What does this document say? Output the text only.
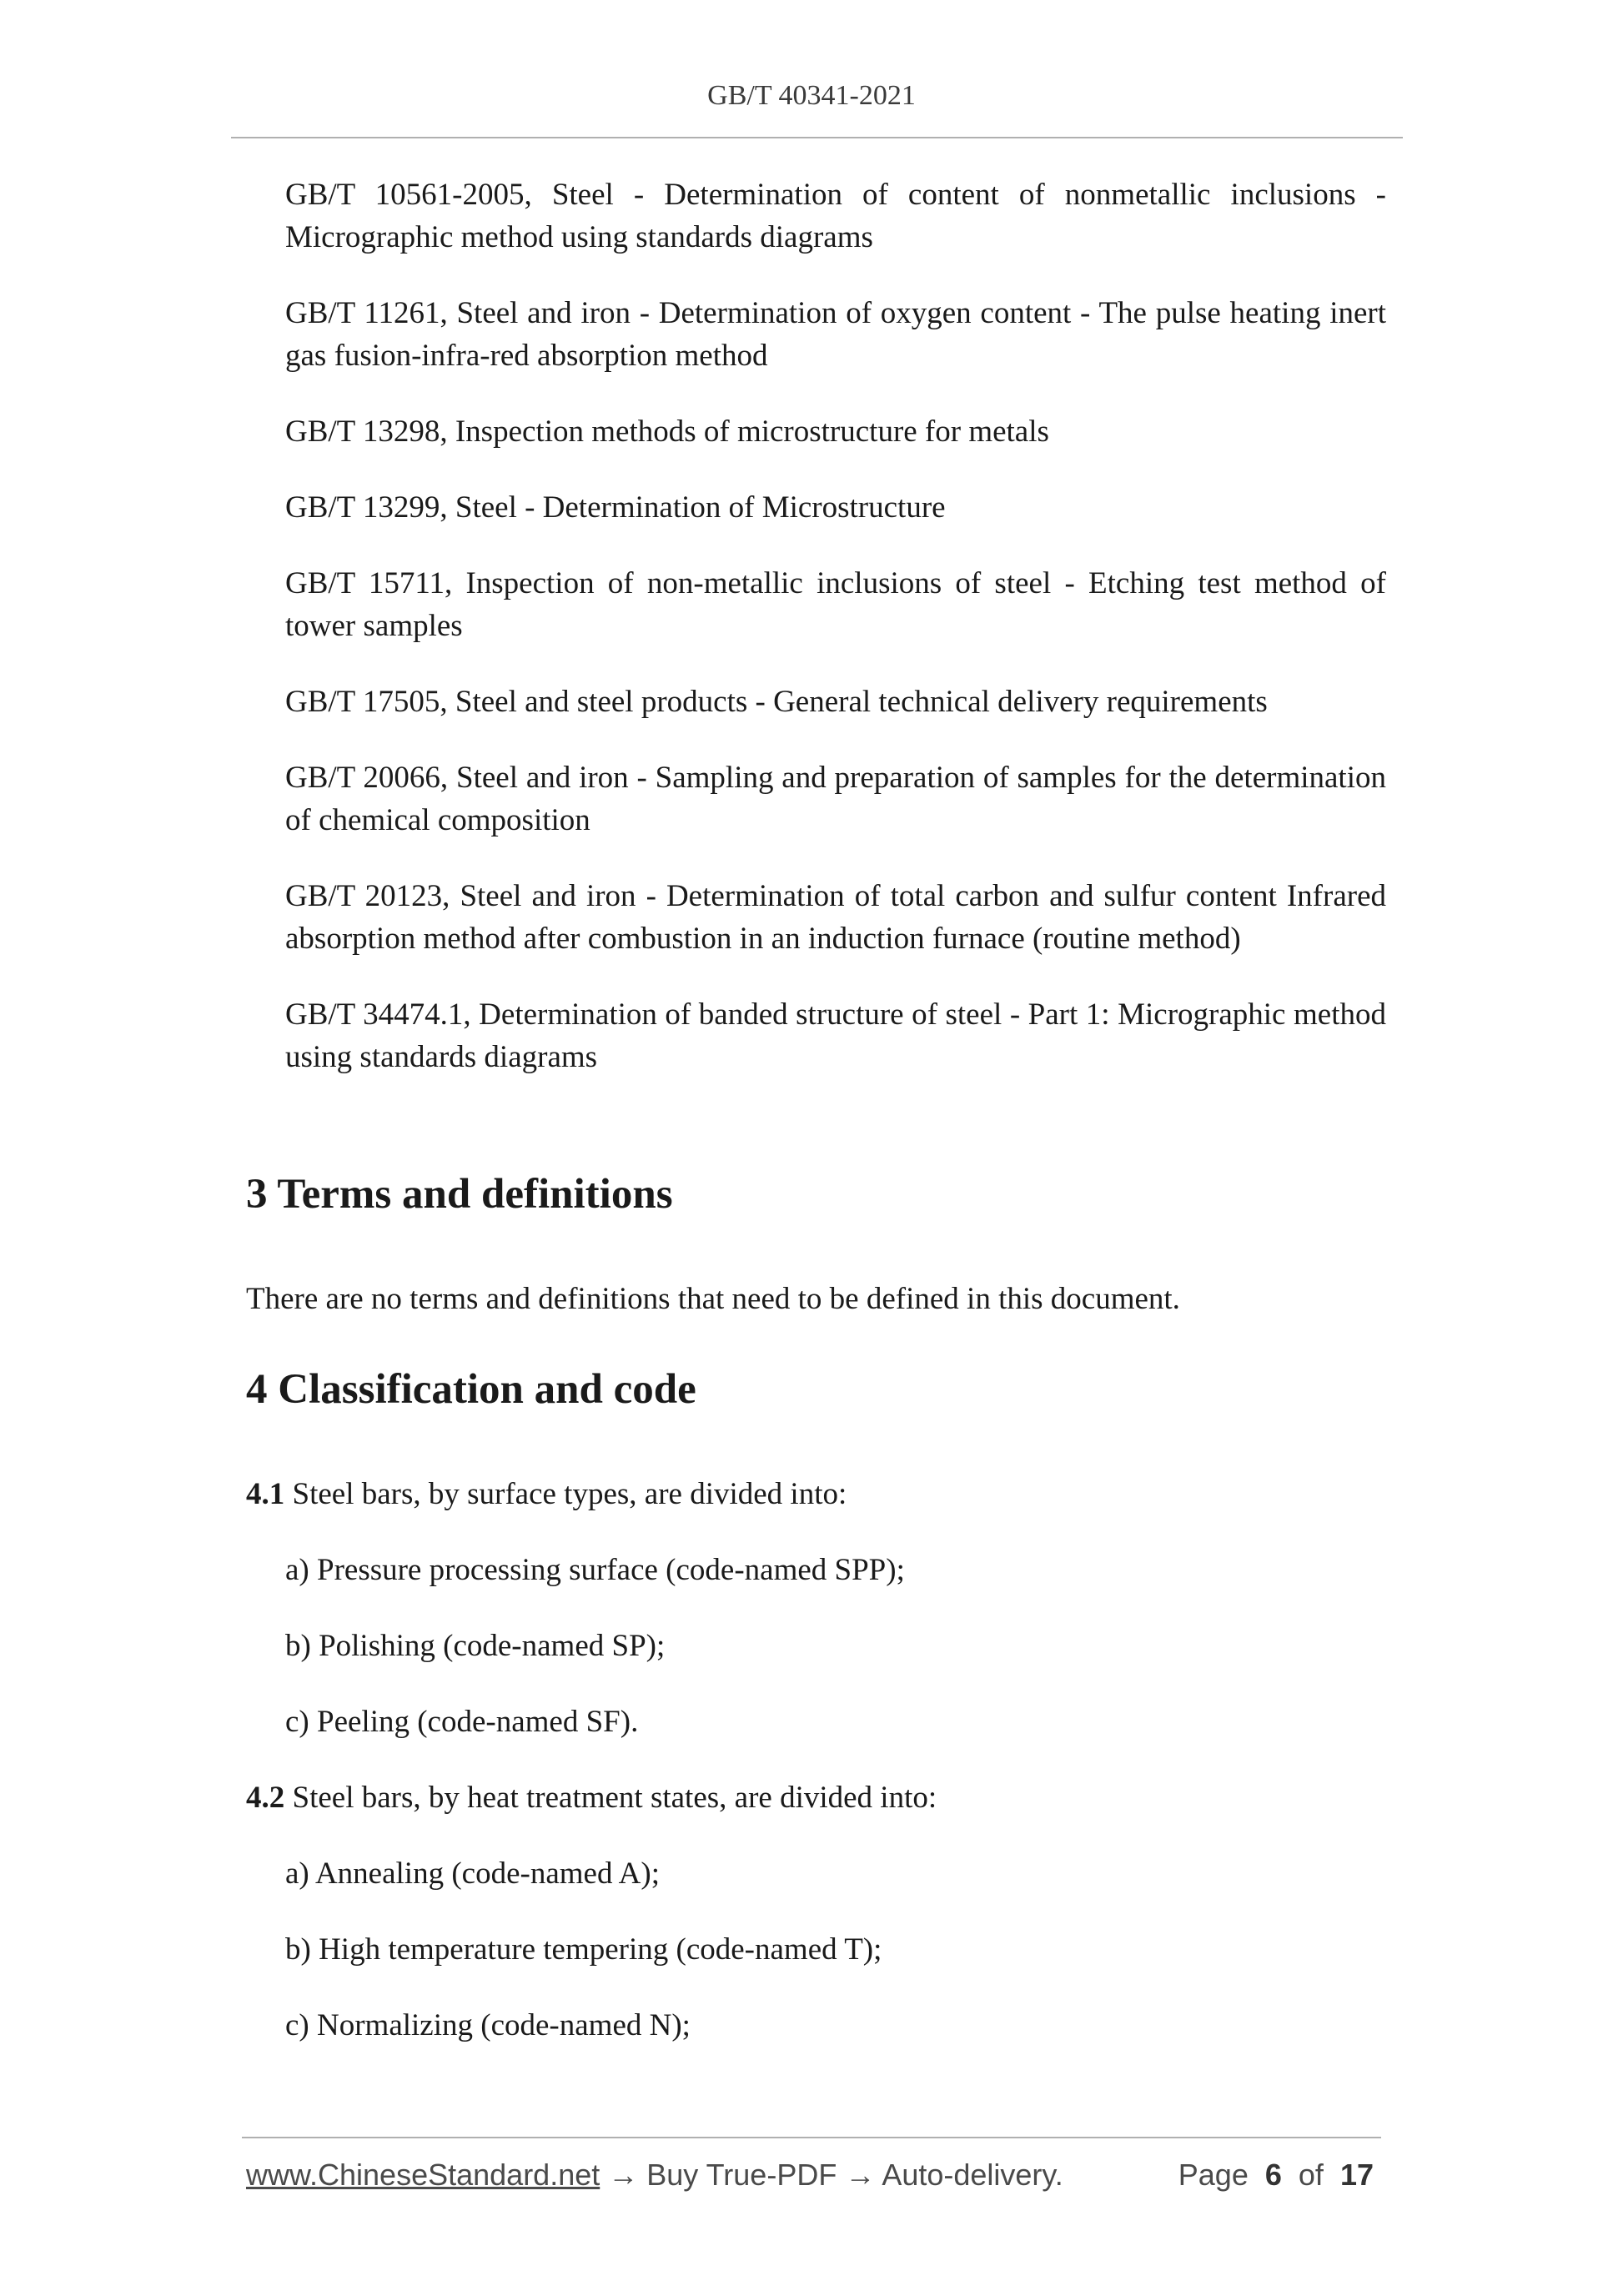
GB/T 40341-2021

GB/T 10561-2005, Steel - Determination of content of nonmetallic inclusions - Micrographic method using standards diagrams

GB/T 11261, Steel and iron - Determination of oxygen content - The pulse heating inert gas fusion-infra-red absorption method

GB/T 13298, Inspection methods of microstructure for metals

GB/T 13299, Steel - Determination of Microstructure

GB/T 15711, Inspection of non-metallic inclusions of steel - Etching test method of tower samples

GB/T 17505, Steel and steel products - General technical delivery requirements

GB/T 20066, Steel and iron - Sampling and preparation of samples for the determination of chemical composition

GB/T 20123, Steel and iron - Determination of total carbon and sulfur content Infrared absorption method after combustion in an induction furnace (routine method)

GB/T 34474.1, Determination of banded structure of steel - Part 1: Micrographic method using standards diagrams

3 Terms and definitions

There are no terms and definitions that need to be defined in this document.

4 Classification and code

4.1 Steel bars, by surface types, are divided into:

a) Pressure processing surface (code-named SPP);

b) Polishing (code-named SP);

c) Peeling (code-named SF).

4.2 Steel bars, by heat treatment states, are divided into:

a) Annealing (code-named A);

b) High temperature tempering (code-named T);

c) Normalizing (code-named N);

www.ChineseStandard.net → Buy True-PDF → Auto-delivery.	Page 6 of 17
